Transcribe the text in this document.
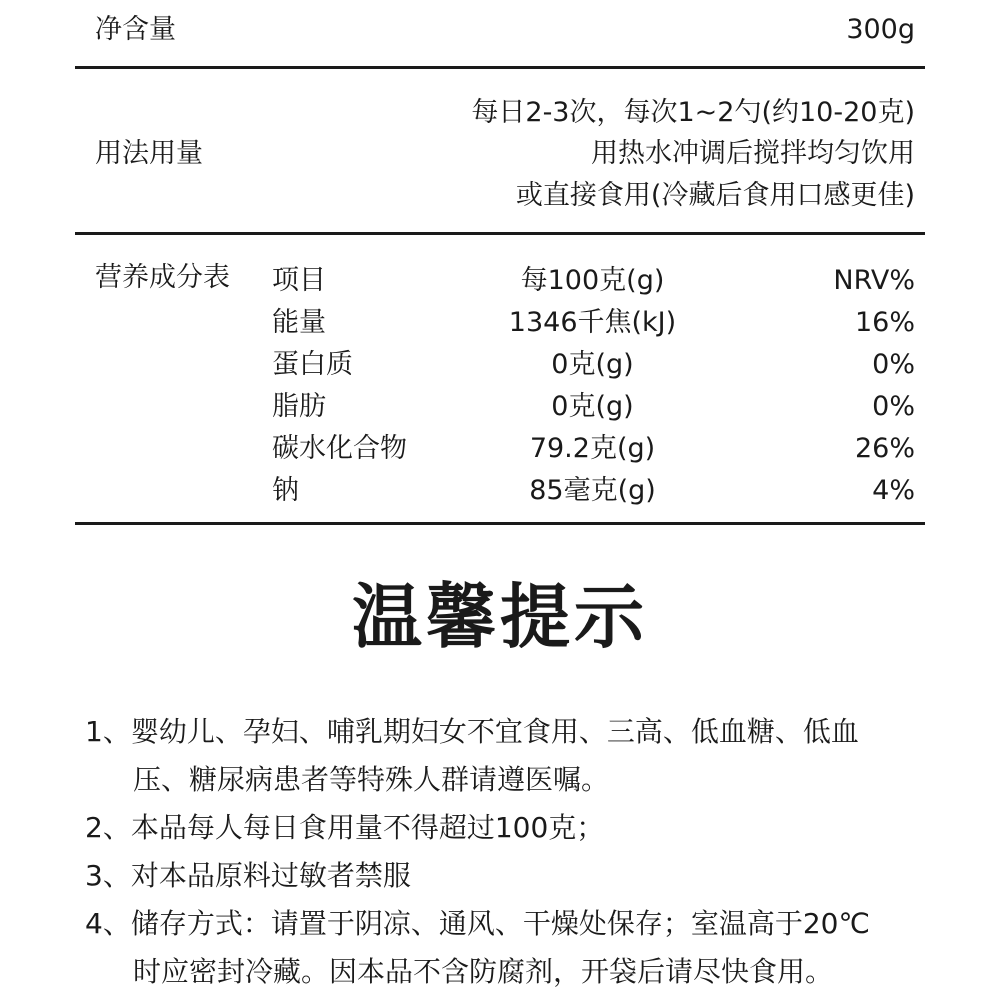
净含量	300g
用法用量
每日2-3次，每次1~2勺(约10-20克)
用热水冲调后搅拌均匀饮用
或直接食用(冷藏后食用口感更佳)
营养成分表 项目	每100克(g)	NRV%
能量	1346千焦(kJ)	16%
蛋白质	0克(g)	0%
脂肪	0克(g)	0%
碳水化合物	79.2克(g)	26%
钠	85毫克(g)	4%
温馨提示
1、婴幼儿、孕妇、哺乳期妇女不宜食用、三高、低血糖、低血
压、糖尿病患者等特殊人群请遵医嘱。
2、本品每人每日食用量不得超过100克；
3、对本品原料过敏者禁服
4、储存方式：请置于阴凉、通风、干燥处保存；室温高于20℃
时应密封冷藏。因本品不含防腐剂，开袋后请尽快食用。
